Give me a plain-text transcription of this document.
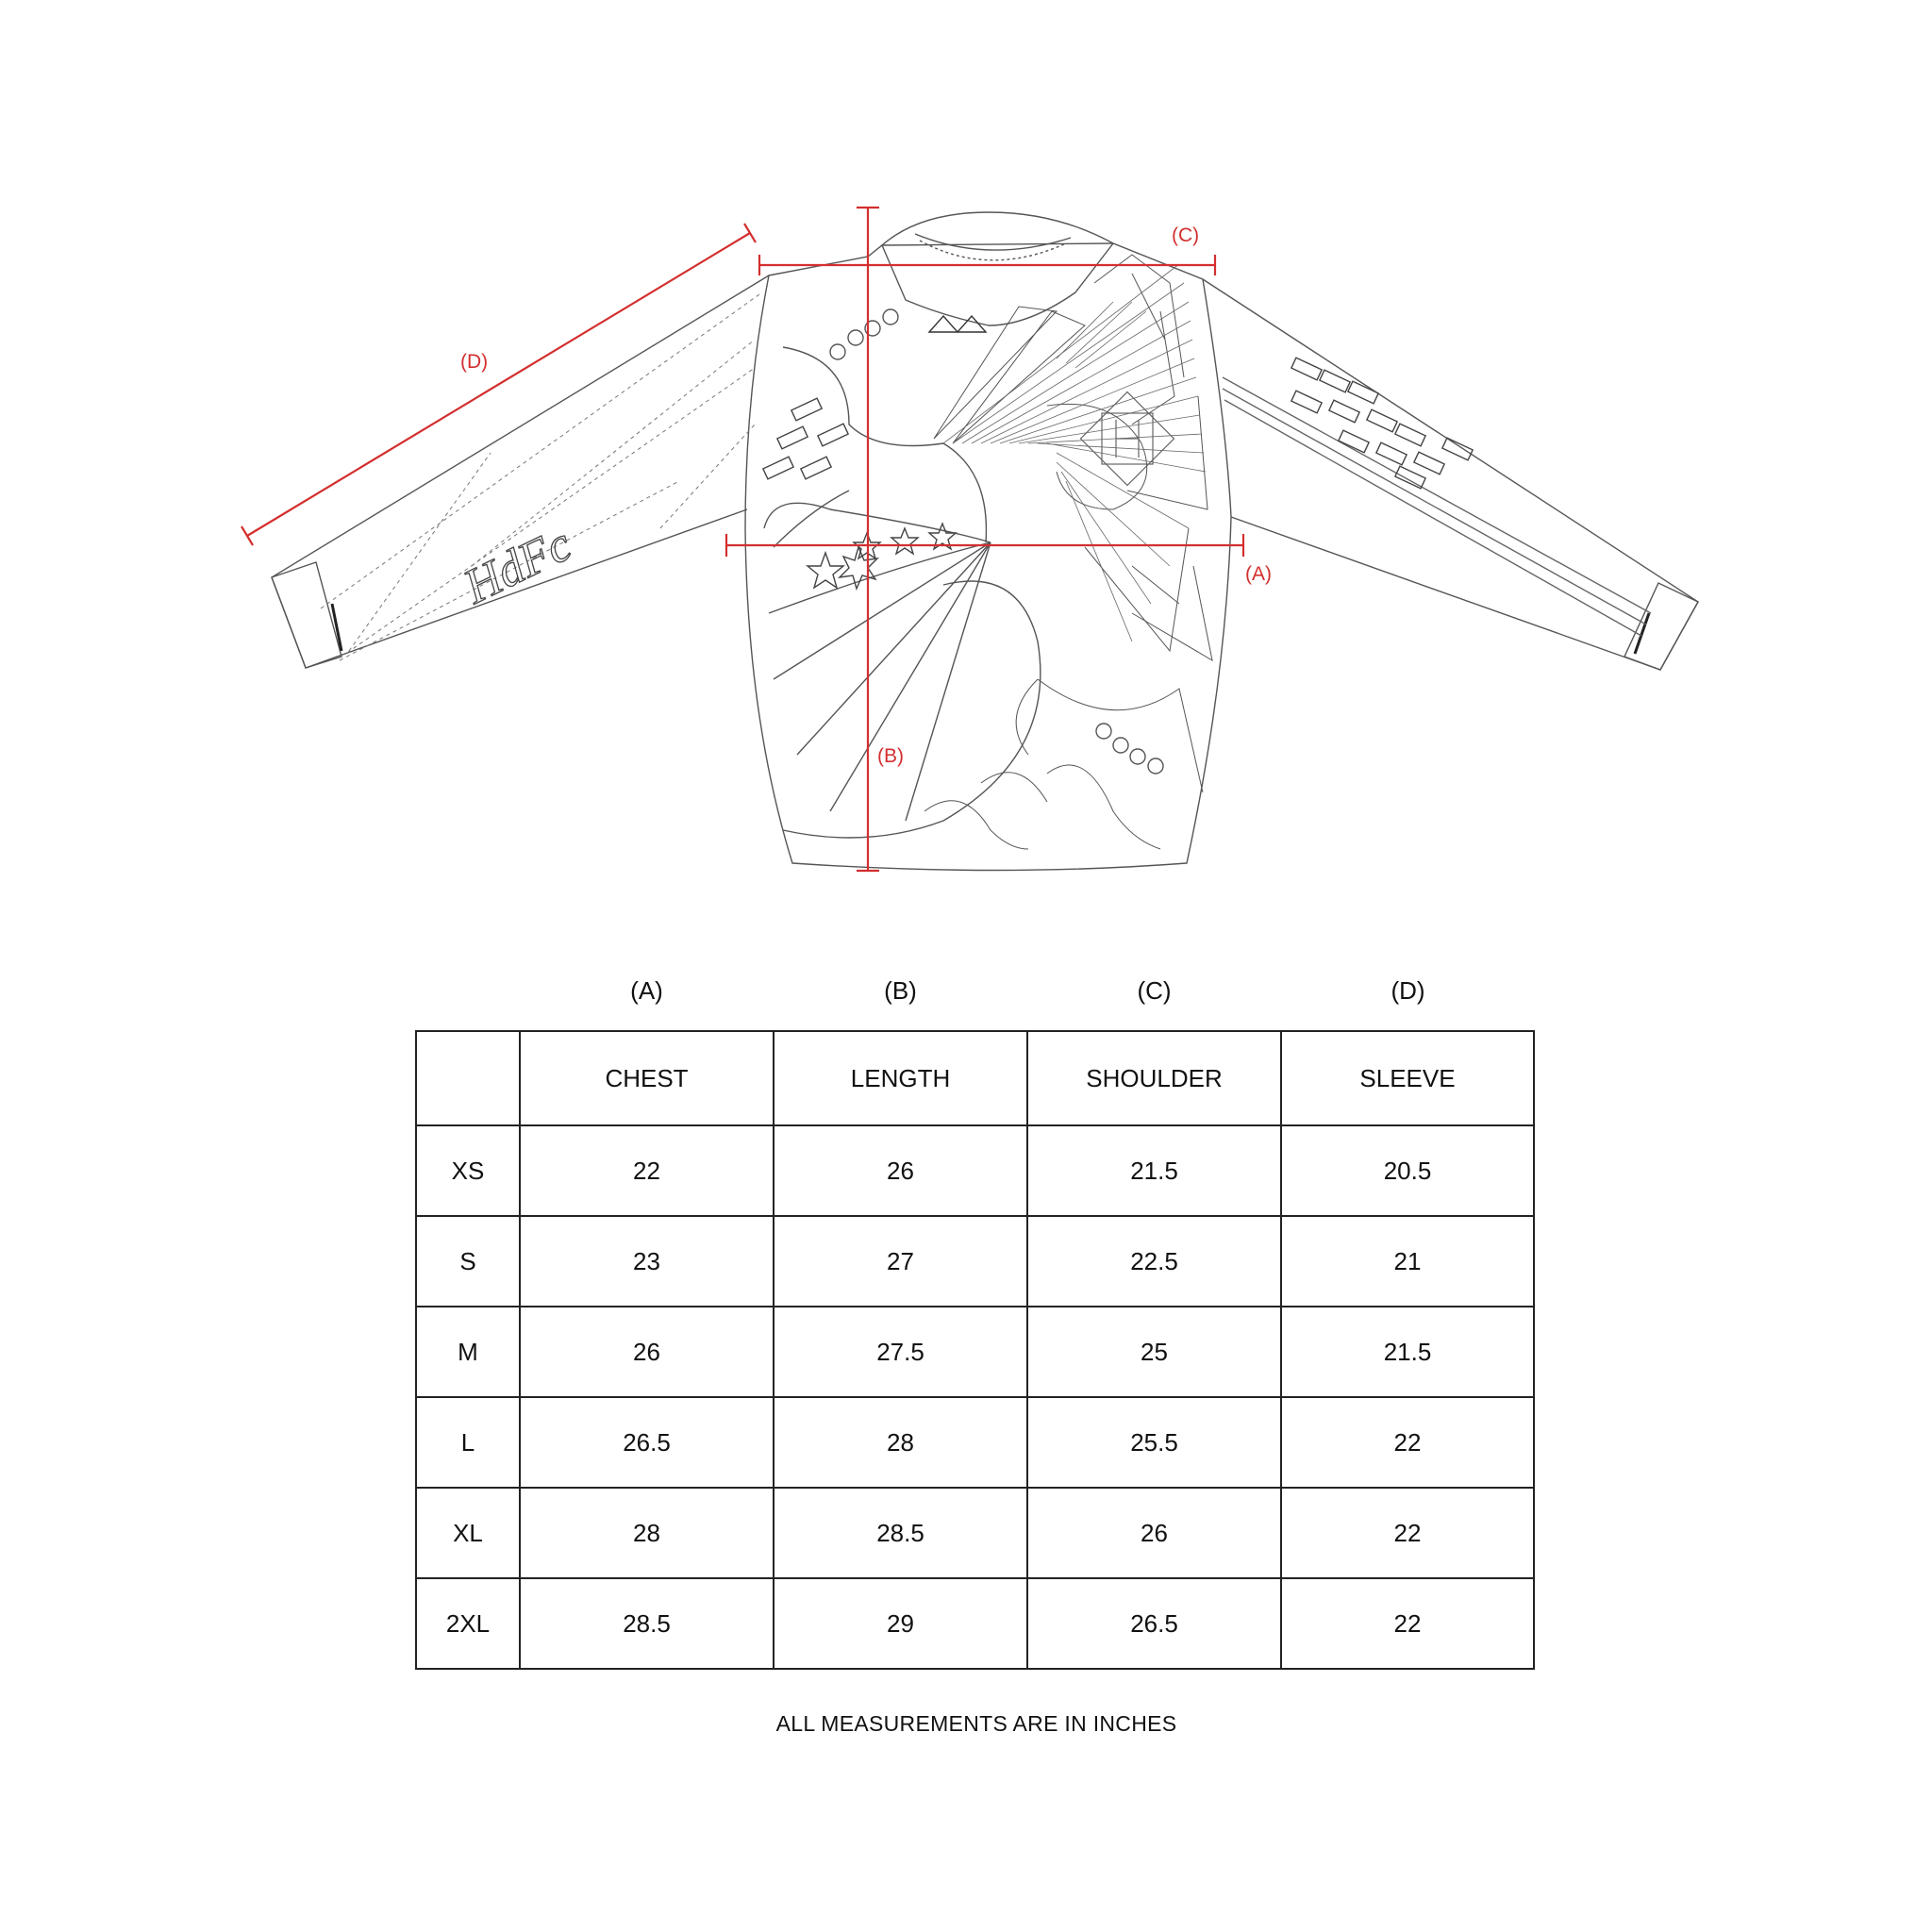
HdFc	(A)
(B)
(C)
(D)
(A)	(B)	(C)	(D)
	CHEST	LENGTH	SHOULDER	SLEEVE
XS	22	26	21.5	20.5
S	23	27	22.5	21
M	26	27.5	25	21.5
L	26.5	28	25.5	22
XL	28	28.5	26	22
2XL	28.5	29	26.5	22
ALL MEASUREMENTS ARE IN INCHES
